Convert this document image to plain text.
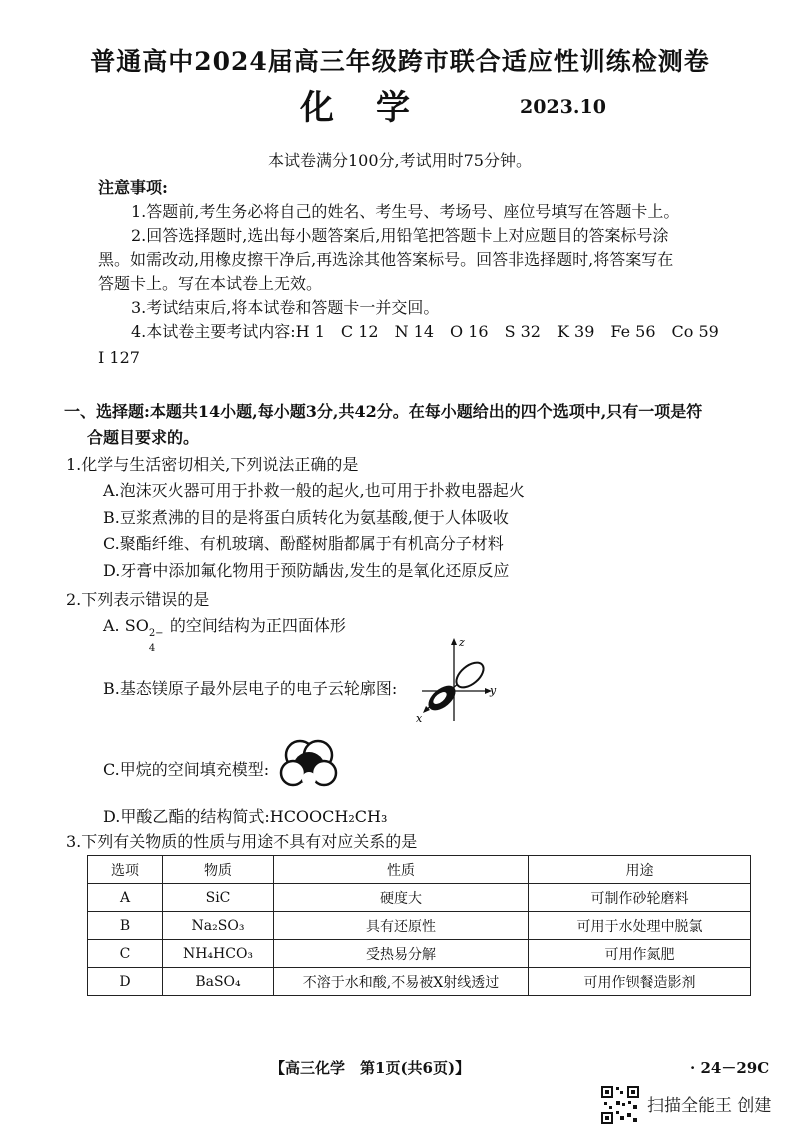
普通高中2024届高三年级跨市联合适应性训练检测卷
化学	2023.10
本试卷满分100分,考试用时75分钟。
注意事项:
1.答题前,考生务必将自己的姓名、考生号、考场号、座位号填写在答题卡上。
2.回答选择题时,选出每小题答案后,用铅笔把答题卡上对应题目的答案标号涂
黑。如需改动,用橡皮擦干净后,再选涂其他答案标号。回答非选择题时,将答案写在
答题卡上。写在本试卷上无效。
3.考试结束后,将本试卷和答题卡一并交回。
4.本试卷主要考试内容:H 1　C 12　N 14　O 16　S 32　K 39　Fe 56　Co 59
I 127
一、选择题:本题共14小题,每小题3分,共42分。在每小题给出的四个选项中,只有一项是符
合题目要求的。
1.化学与生活密切相关,下列说法正确的是
A.泡沫灭火器可用于扑救一般的起火,也可用于扑救电器起火
B.豆浆煮沸的目的是将蛋白质转化为氨基酸,便于人体吸收
C.聚酯纤维、有机玻璃、酚醛树脂都属于有机高分子材料
D.牙膏中添加氟化物用于预防龋齿,发生的是氧化还原反应
2.下列表示错误的是
A. SO 2−
4
的空间结构为正四面体形
B.基态镁原子最外层电子的电子云轮廓图:
z
y
x
C.甲烷的空间填充模型:
D.甲酸乙酯的结构简式:HCOOCH₂CH₃
3.下列有关物质的性质与用途不具有对应关系的是
选项	物质	性质	用途
A	SiC	硬度大	可制作砂轮磨料
B	Na₂SO₃	具有还原性	可用于水处理中脱氯
C	NH₄HCO₃	受热易分解	可用作氮肥
D	BaSO₄	不溶于水和酸,不易被X射线透过	可用作钡餐造影剂
【高三化学　第1页(共6页)】	· 24－29C
扫描全能王 创建
